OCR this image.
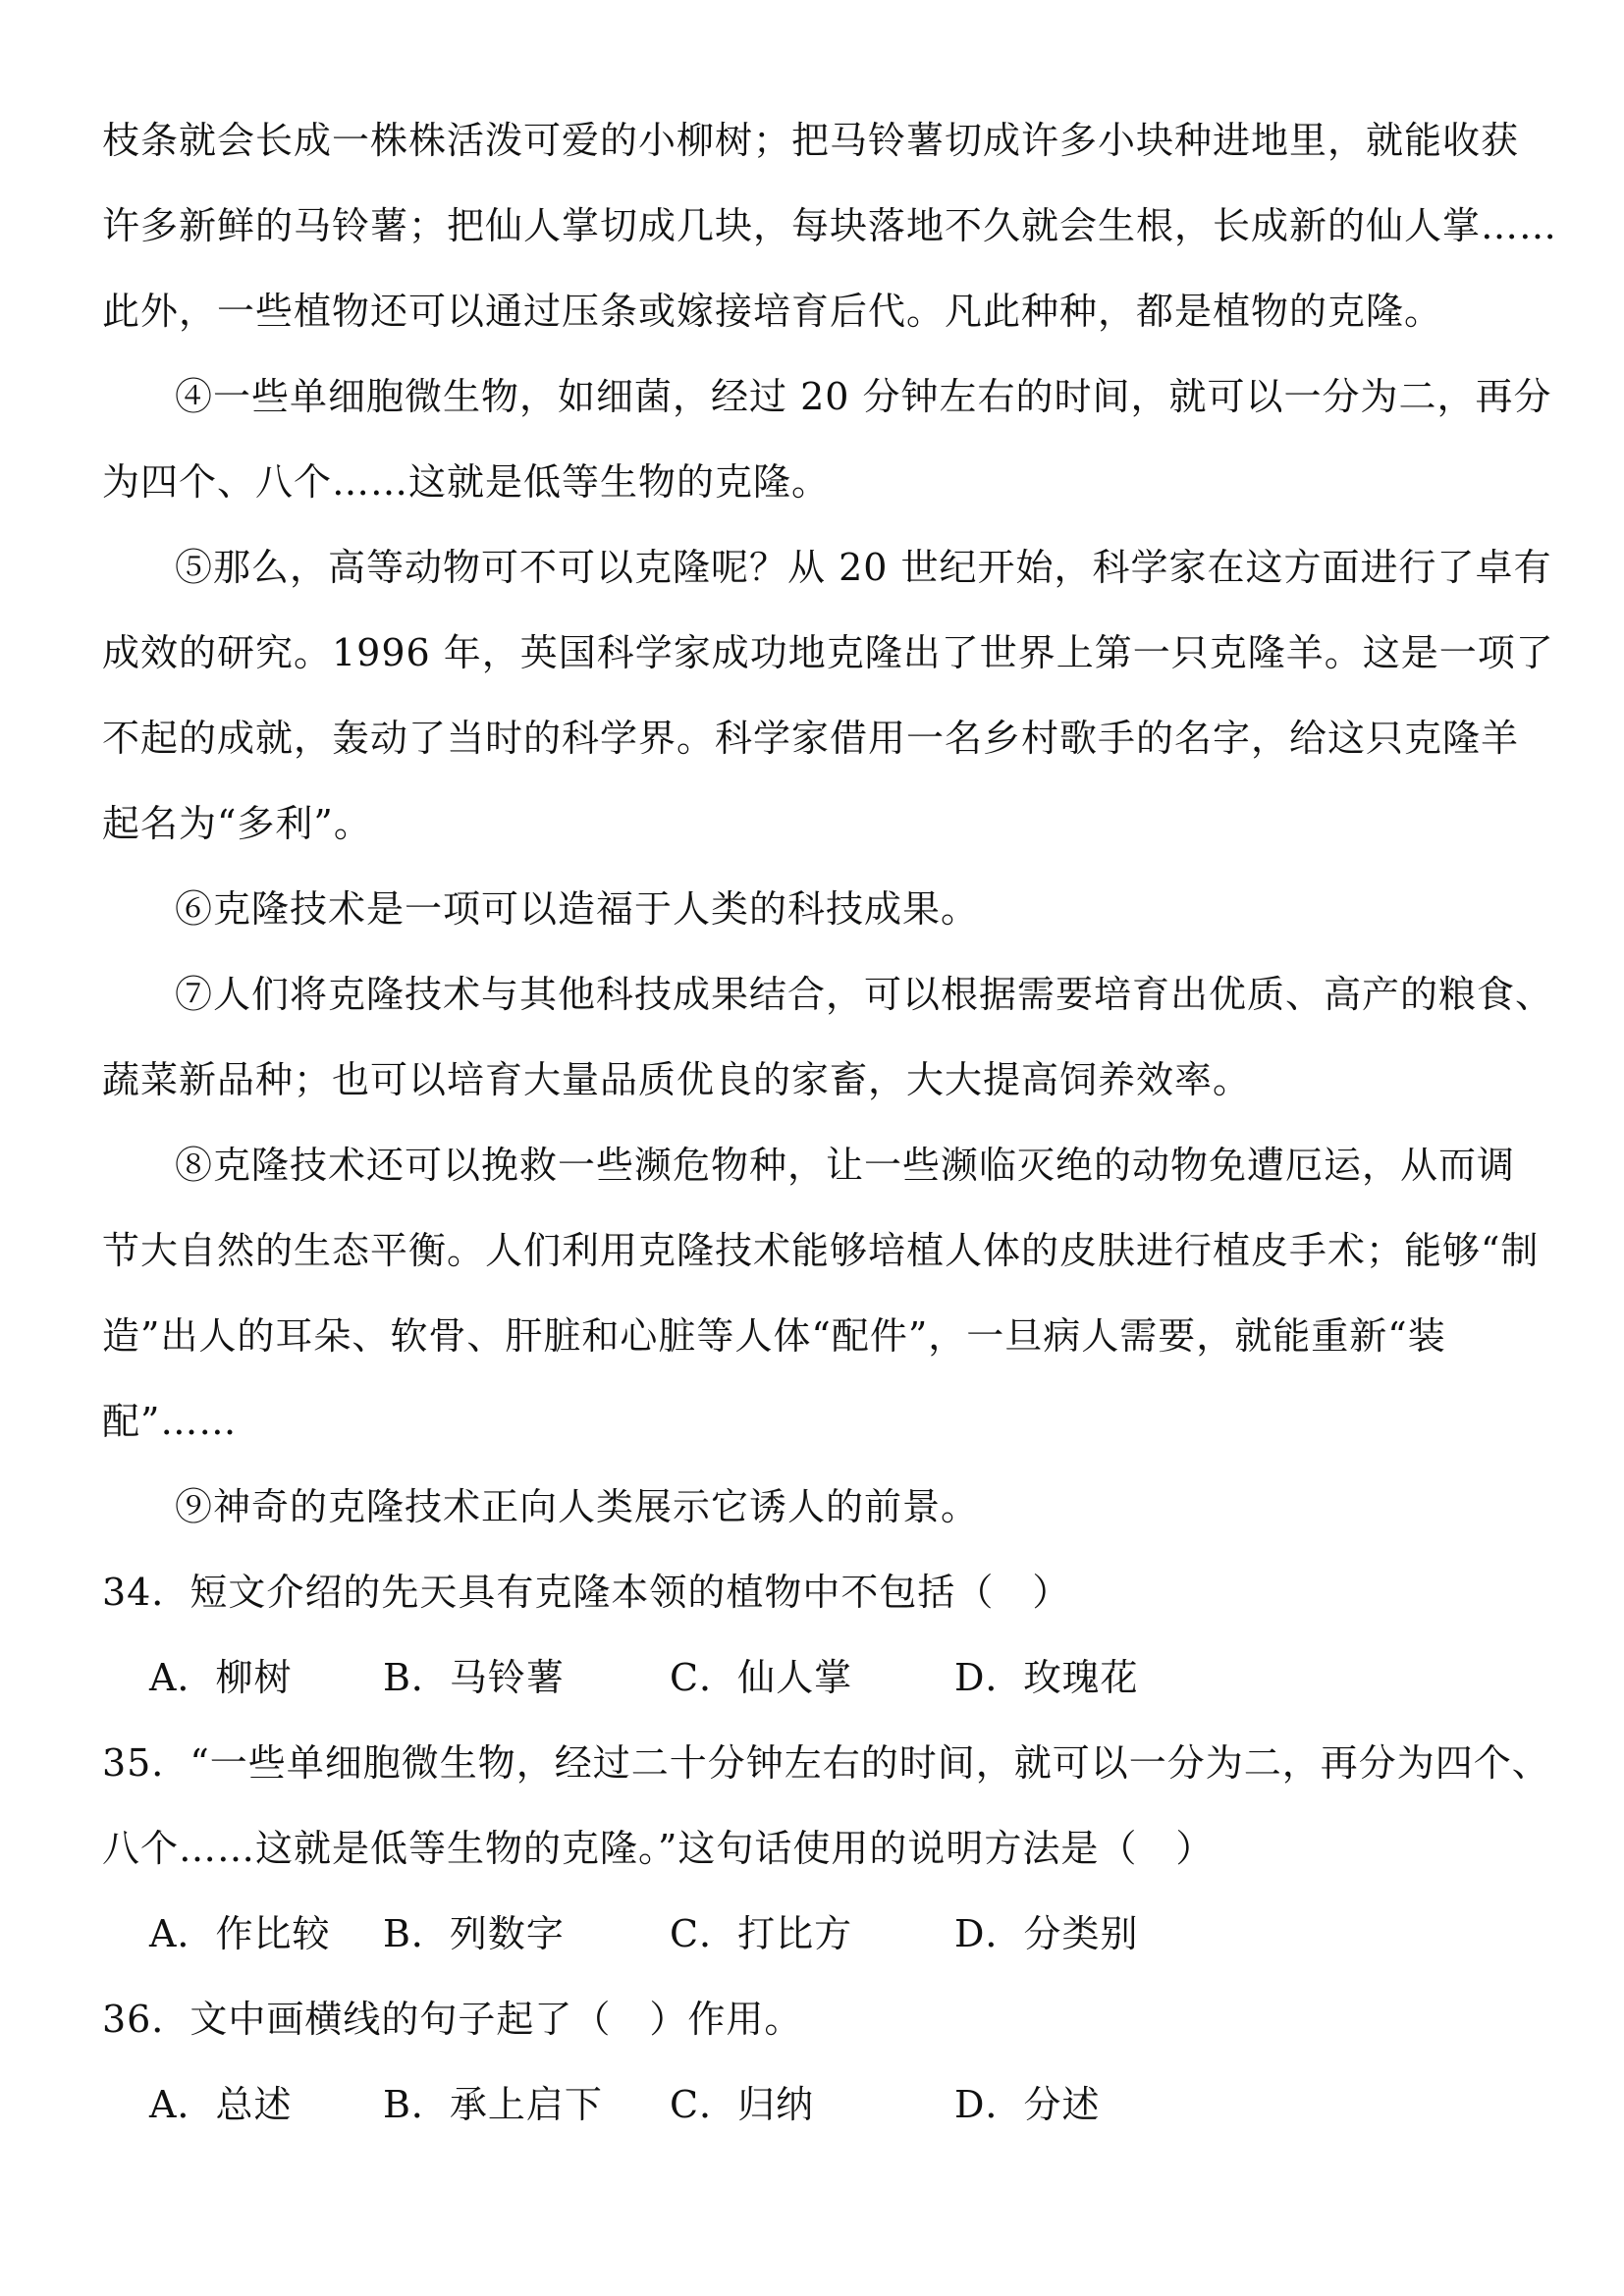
枝条就会长成一株株活泼可爱的小柳树；把马铃薯切成许多小块种进地里，就能收获
许多新鲜的马铃薯；把仙人掌切成几块，每块落地不久就会生根，长成新的仙人掌……
此外，一些植物还可以通过压条或嫁接培育后代。凡此种种，都是植物的克隆。
④一些单细胞微生物，如细菌，经过 20 分钟左右的时间，就可以一分为二，再分
为四个、八个……这就是低等生物的克隆。
⑤那么，高等动物可不可以克隆呢？从 20 世纪开始，科学家在这方面进行了卓有
成效的研究。1996 年，英国科学家成功地克隆出了世界上第一只克隆羊。这是一项了
不起的成就，轰动了当时的科学界。科学家借用一名乡村歌手的名字，给这只克隆羊
起名为“多利”。
⑥克隆技术是一项可以造福于人类的科技成果。
⑦人们将克隆技术与其他科技成果结合，可以根据需要培育出优质、高产的粮食、
蔬菜新品种；也可以培育大量品质优良的家畜，大大提高饲养效率。
⑧克隆技术还可以挽救一些濒危物种，让一些濒临灭绝的动物免遭厄运，从而调
节大自然的生态平衡。人们利用克隆技术能够培植人体的皮肤进行植皮手术；能够“制
造”出人的耳朵、软骨、肝脏和心脏等人体“配件”，一旦病人需要，就能重新“装
配”……
⑨神奇的克隆技术正向人类展示它诱人的前景。
34．短文介绍的先天具有克隆本领的植物中不包括（　）
A．柳树 B．马铃薯	C．仙人掌	D．玫瑰花
35．“一些单细胞微生物，经过二十分钟左右的时间，就可以一分为二，再分为四个、
八个……这就是低等生物的克隆。”这句话使用的说明方法是（　）
A．作比较 B．列数字	C．打比方	D．分类别
36．文中画横线的句子起了（　）作用。
A．总述 B．承上启下 C．归纳	D．分述
